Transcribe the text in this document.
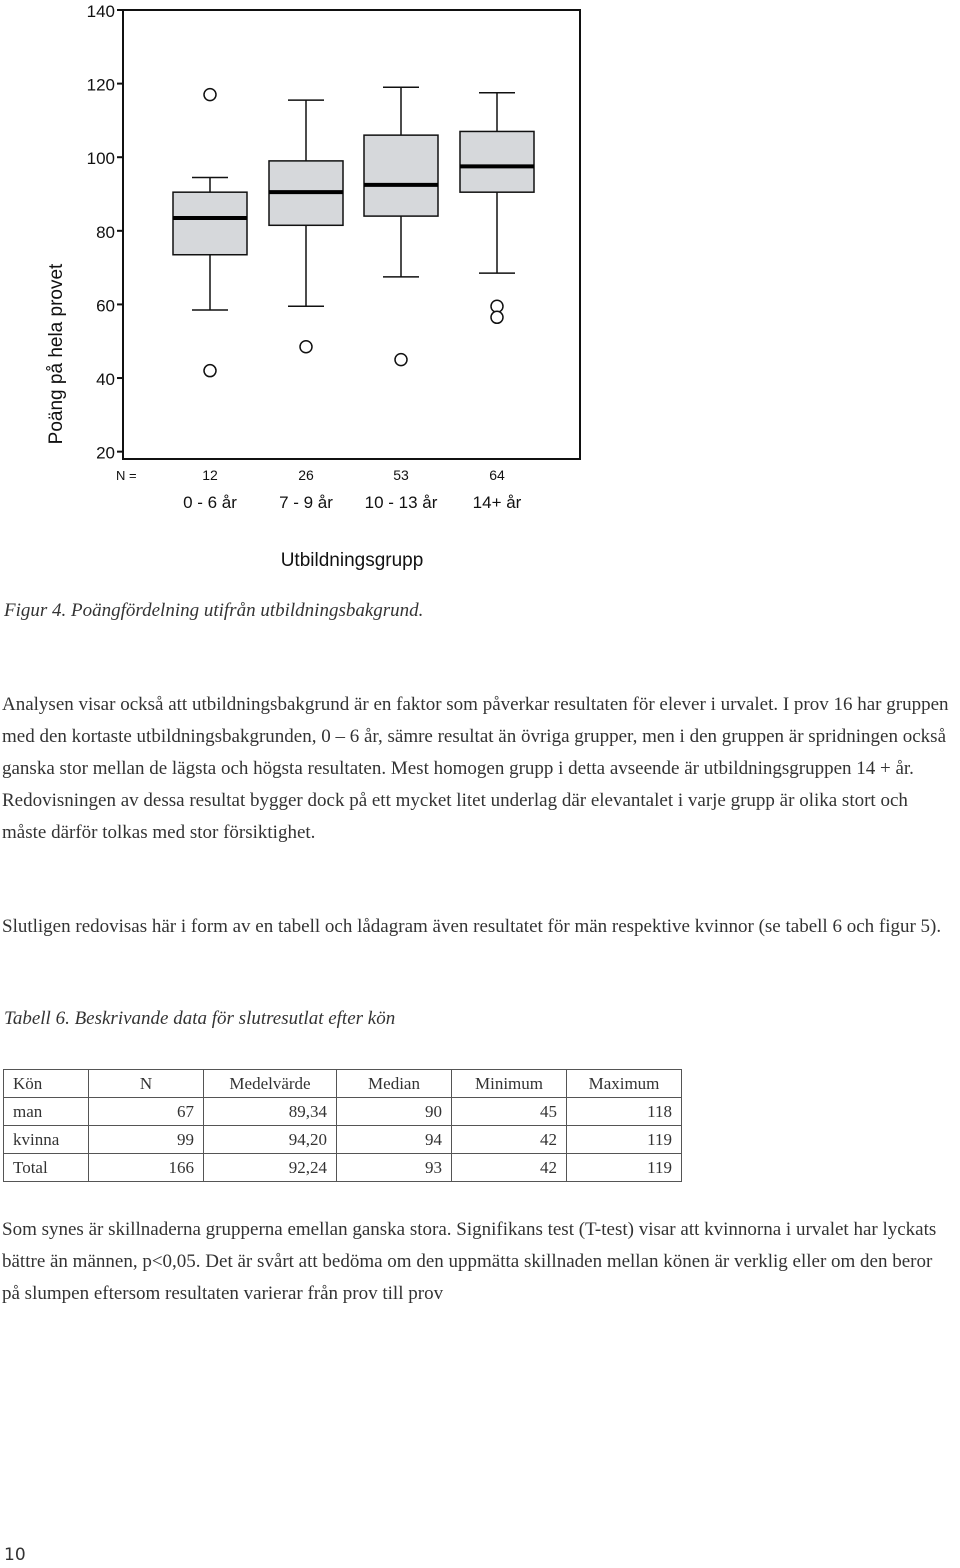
20
40
60
80
100
120
140
Poäng på hela provet
12
0 - 6 år
26
7 - 9 år
53
10 - 13 år
64
14+ år
N =
Utbildningsgrupp

Figur 4. Poängfördelning utifrån utbildningsbakgrund.

Analysen visar också att utbildningsbakgrund är en faktor som påverkar resultaten för elever i urvalet. I prov 16 har gruppen med den kortaste utbildningsbakgrunden, 0 – 6 år, sämre resultat än övriga grupper, men i den gruppen är spridningen också ganska stor mellan de lägsta och högsta resultaten. Mest homogen grupp i detta avseende är utbildningsgruppen 14 + år. Redovisningen av dessa resultat bygger dock på ett mycket litet underlag där elevantalet i varje grupp är olika stort och måste därför tolkas med stor försiktighet.

Slutligen redovisas här i form av en tabell och lådagram även resultatet för män respektive kvinnor (se tabell 6 och figur 5).

Tabell 6. Beskrivande data för slutresutlat efter kön

Kön	N	Medelvärde	Median	Minimum	Maximum
man	67	89,34	90	45	118
kvinna	99	94,20	94	42	119
Total	166	92,24	93	42	119

Som synes är skillnaderna grupperna emellan ganska stora. Signifikans test (T-test) visar att kvinnorna i urvalet har lyckats bättre än männen, p<0,05. Det är svårt att bedöma om den uppmätta skillnaden mellan könen är verklig eller om den beror på slumpen eftersom resultaten varierar från prov till prov

10
